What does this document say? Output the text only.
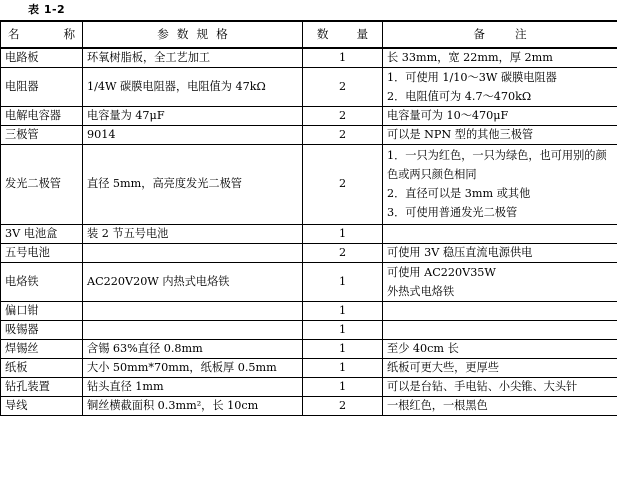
表 1-2
名 称	参 数 规 格	数 量	备 注
电路板	环氧树脂板，全工艺加工	1	长 33mm，宽 22mm，厚 2mm
电阻器	1/4W 碳膜电阻器，电阻值为 47kΩ	2	1．可使用 1/10～3W 碳膜电阻器
2．电阻值可为 4.7～470kΩ

电解电容器	电容量为 47μF	2	电容量可为 10～470μF
三极管	9014	2	可以是 NPN 型的其他三极管
发光二极管	直径 5mm，高亮度发光二极管	2	1．一只为红色，一只为绿色，也可用别的颜色或两只颜色相同
2．直径可以是 3mm 或其他
3．可使用普通发光二极管

3V 电池盒	装 2 节五号电池	1	
五号电池		2	可使用 3V 稳压直流电源供电
电烙铁	AC220V20W 内热式电烙铁	1	可使用 AC220V35W
外热式电烙铁

偏口钳		1	
吸锡器		1	
焊锡丝	含锡 63%直径 0.8mm	1	至少 40cm 长
纸板	大小 50mm*70mm，纸板厚 0.5mm	1	纸板可更大些，更厚些
钻孔装置	钻头直径 1mm	1	可以是台钻、手电钻、小尖锥、大头针
导线	铜丝横截面积 0.3mm²，长 10cm	2	一根红色，一根黑色
